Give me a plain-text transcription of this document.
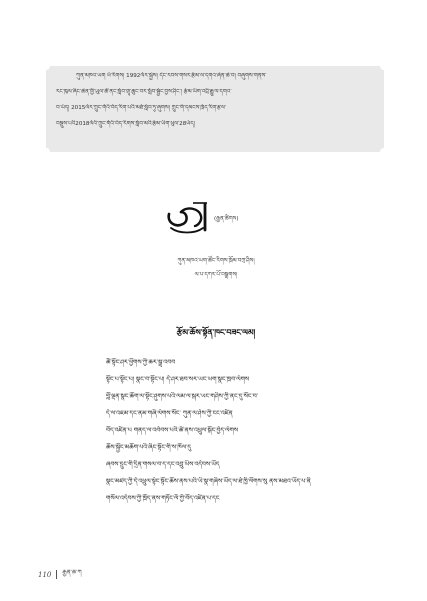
ཀུན་མཁའ་ཡག ཕོ་རིགས། 1992ལོར་སྐྱེས། དེང་རབས་གསར་རྩོམ་ལ་དགའ་ཞེན་ཆེ་བ། བཞུགས་གནས་
རང་ཁུལ་ཞིང་ཆེན་གྱི་ཡུལ་ཚོ་ནང་སློབ་གྲྭ་ཆུང་བར་སློབ་སྦྱོང་བྱས་ཤིང་། རྩོམ་ཡིག་འབྲི་རྒྱུ་ལ་དགའ་
བ་ཡོད། 2015ལོར་ཀྲུང་གོའི་བོད་རིག་པའི་མཐོ་སློབ་ཏུ་ཞུགས། ཀྲུང་གོ་དམངས་ཁྲོད་རིག་རྩལ་
བསྡུས་པའི2018ལོའི་ཀྲུང་གོའི་བོད་རིགས་སློབ་མའི་རྩོམ་ཡིག་ཕུལ་28ཡོད།
(རྒྱན་ཚིགས)
ཀུན་མཁའ་ཡག་ཚོང་རིགས་ཁྲོམ་བཀྲ་ཤིས།
ལ་པ་དཀར་པོ་བསྒྲགས།
རྩོམ་ཆོས་སྟོན་ཁང་བཟང་ལམ།
ཚོ་སྟོང་ཤར་ཕྱོགས་ཀྱི་ཆར་སྒྲ་འབབ
སྟོང་པ་སྟོང་པ། སྣང་བ་སྟོང་པ། དེ་ཤར་ཐབ་སར་ཡང་ཡག་སྣང་ཁྲབ་ལེགས
བློ་ལྡན་སྣང་ཆོག་ལ་སྟོང་ཤུགས་པའི་ལམ་ལ་སྐར་ཡང་གཤིས་ཀྱི་ནང་དུ་སོང་བ་
དེ་ལ་འཇམ་དང་ནམ་གཞི་ལེགས་སོང་ ཀུན་ལ་ཤེས་ཀྱི་ངང་འཛིན
བོད་འཛིན་པ གནད་ལ་འབེབས་པའི་ཚེ་ནས་འཕྲུལ་སྐོང་བྱེད་ལེགས
ཆོས་སྐྱོང་མཆོག་པའི་ཞིང་སྟོང་གི་ས་ཁོལ་དུ
ཞབས་དྲུང་གི་དྲིན་གསལ་བ་ད་དང་འབྲུ་ཡིས་འདེབས་ཡོད
སྣང་མཛད་ཀྱི་དེ་འཕྲུལ་སྟེང་སྟོང་ཆོས་ནས་པའི་ཡི་སྣ་གཞིས་ཡོད་ལ་ཐེ་ཁྱི་ལོགས་སུ ནས་མཐའ་ཡོད་པ་ནི
གསོལ་འདེབས་ཀྱི་ཁྲོད་ནས་གཏོང་ལོ་ཀྱི་བོད་འཛིན་པ་དང
110 རྒྱན་ཆ་ཀ
